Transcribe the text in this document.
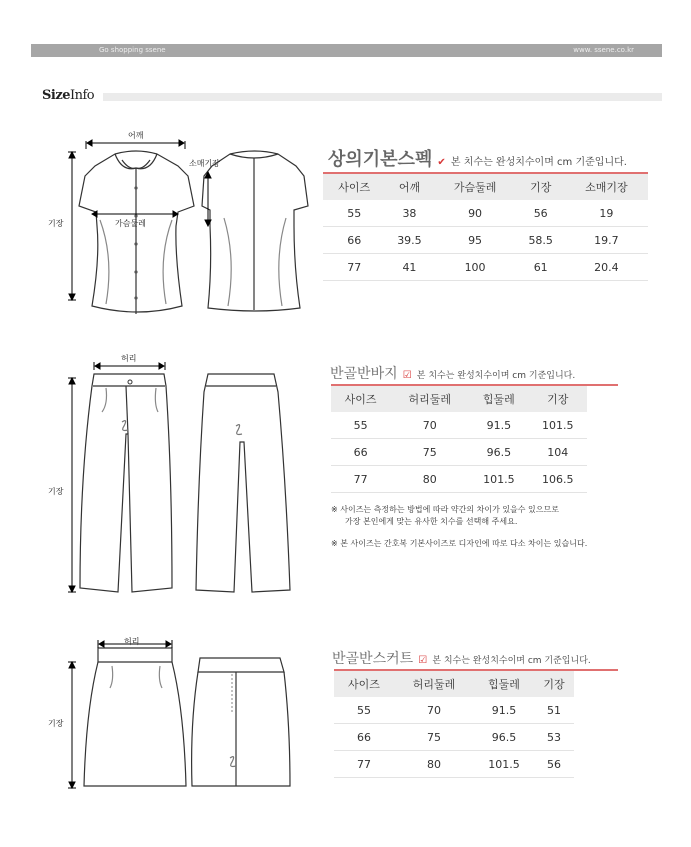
Go shopping ssene	www. ssene.co.kr
SizeInfo
어깨
가슴둘레
기장
소매기장	상의기본스펙 ✔ 본 치수는 완성치수이며 cm 기준입니다.
사이즈	어깨	가슴둘레	기장	소매기장
55	38	90	56	19
66	39.5	95	58.5	19.7
77	41	100	61	20.4
허리
기장
반골반바지 ☑ 본 치수는 완성치수이며 cm 기준입니다.
사이즈	허리둘레	힙둘레	기장
55	70	91.5	101.5
66	75	96.5	104
77	80	101.5	106.5
※ 사이즈는 측정하는 방법에 따라 약간의 차이가 있을수 있으므로
가장 본인에게 맞는 유사한 치수를 선택해 주세요.
※ 본 사이즈는 간호복 기본사이즈로 디자인에 따로 다소 차이는 있습니다.
허리
기장
반골반스커트 ☑ 본 치수는 완성치수이며 cm 기준입니다.
사이즈	허리둘레	힙둘레	기장
55	70	91.5	51
66	75	96.5	53
77	80	101.5	56
